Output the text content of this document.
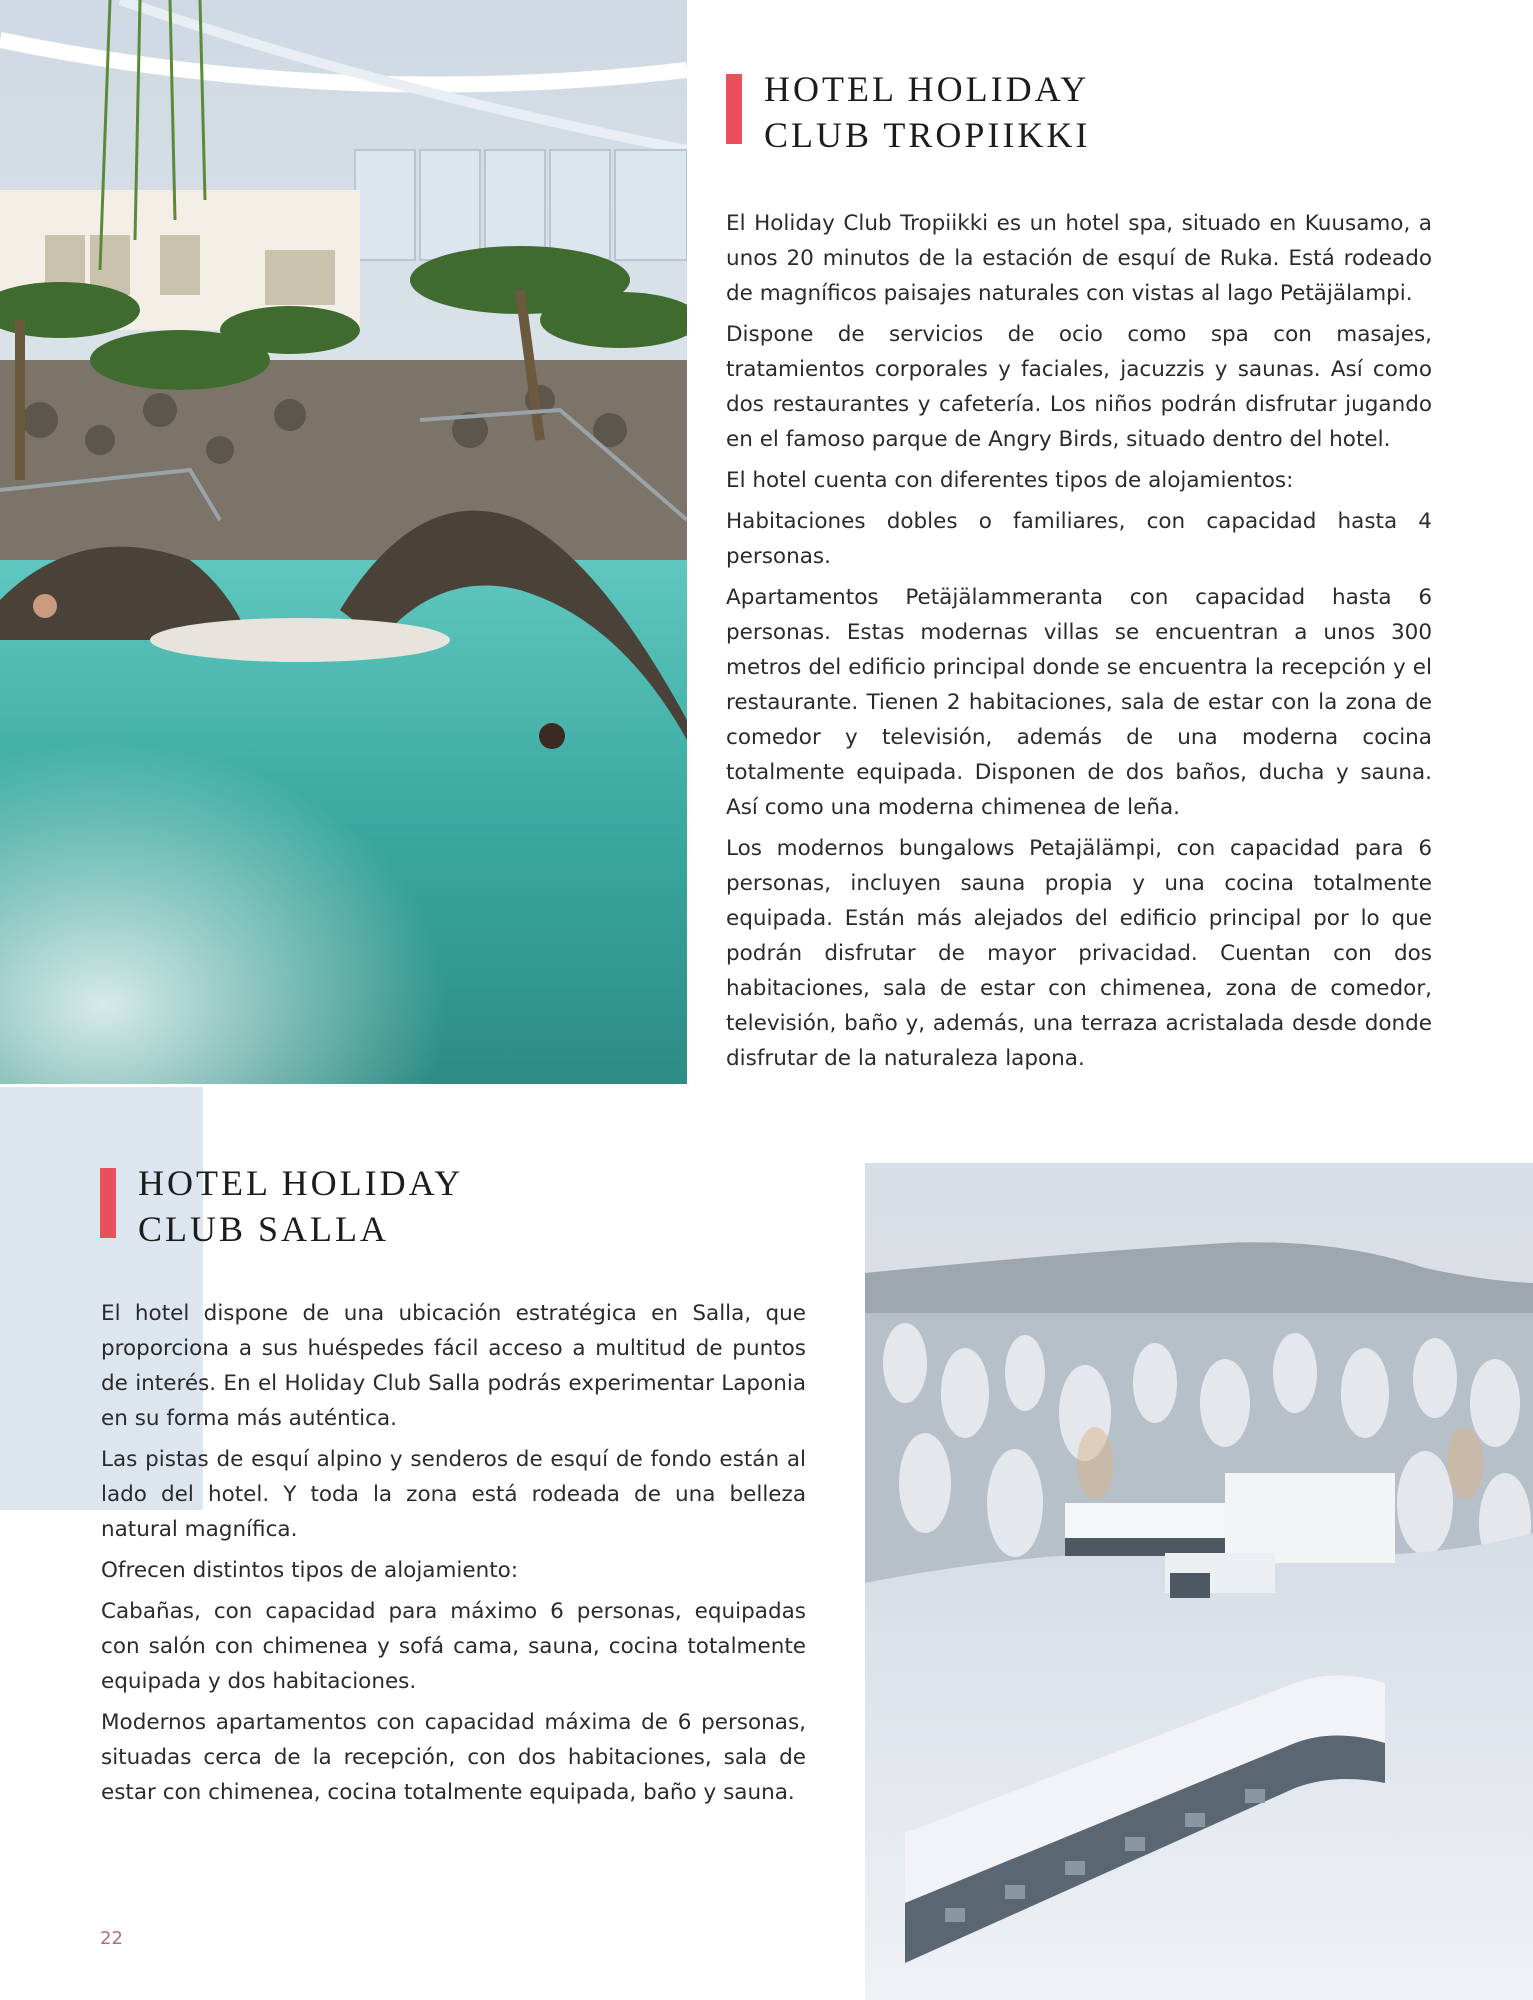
HOTEL HOLIDAY
CLUB TROPIIKKI

El Holiday Club Tropiikki es un hotel spa, situado en Kuusamo, a unos 20 minutos de la estación de esquí de Ruka. Está rodeado de magníficos paisajes naturales con vistas al lago Petäjälampi.

Dispone de servicios de ocio como spa con masajes, tratamientos corporales y faciales, jacuzzis y saunas. Así como dos restaurantes y cafetería. Los niños podrán disfrutar jugando en el famoso parque de Angry Birds, situado dentro del hotel.

El hotel cuenta con diferentes tipos de alojamientos:

Habitaciones dobles o familiares, con capacidad hasta 4 personas.

Apartamentos Petäjälammeranta con capacidad hasta 6 personas. Estas modernas villas se encuentran a unos 300 metros del edificio principal donde se encuentra la recepción y el restaurante. Tienen 2 habitaciones, sala de estar con la zona de comedor y televisión, además de una moderna cocina totalmente equipada. Disponen de dos baños, ducha y sauna. Así como una moderna chimenea de leña.

Los modernos bungalows Petajälämpi, con capacidad para 6 personas, incluyen sauna propia y una cocina totalmente equipada. Están más alejados del edificio principal por lo que podrán disfrutar de mayor privacidad. Cuentan con dos habitaciones, sala de estar con chimenea, zona de comedor, televisión, baño y, además, una terraza acristalada desde donde disfrutar de la naturaleza lapona.

HOTEL HOLIDAY
CLUB SALLA

El hotel dispone de una ubicación estratégica en Salla, que proporciona a sus huéspedes fácil acceso a multitud de puntos de interés. En el Holiday Club Salla podrás experimentar Laponia en su forma más auténtica.

Las pistas de esquí alpino y senderos de esquí de fondo están al lado del hotel. Y toda la zona está rodeada de una belleza natural magnífica.

Ofrecen distintos tipos de alojamiento:

Cabañas, con capacidad para máximo 6 personas, equipadas con salón con chimenea y sofá cama, sauna, cocina totalmente equipada y dos habitaciones.

Modernos apartamentos con capacidad máxima de 6 personas, situadas cerca de la recepción, con dos habitaciones, sala de estar con chimenea, cocina totalmente equipada, baño y sauna.

22
